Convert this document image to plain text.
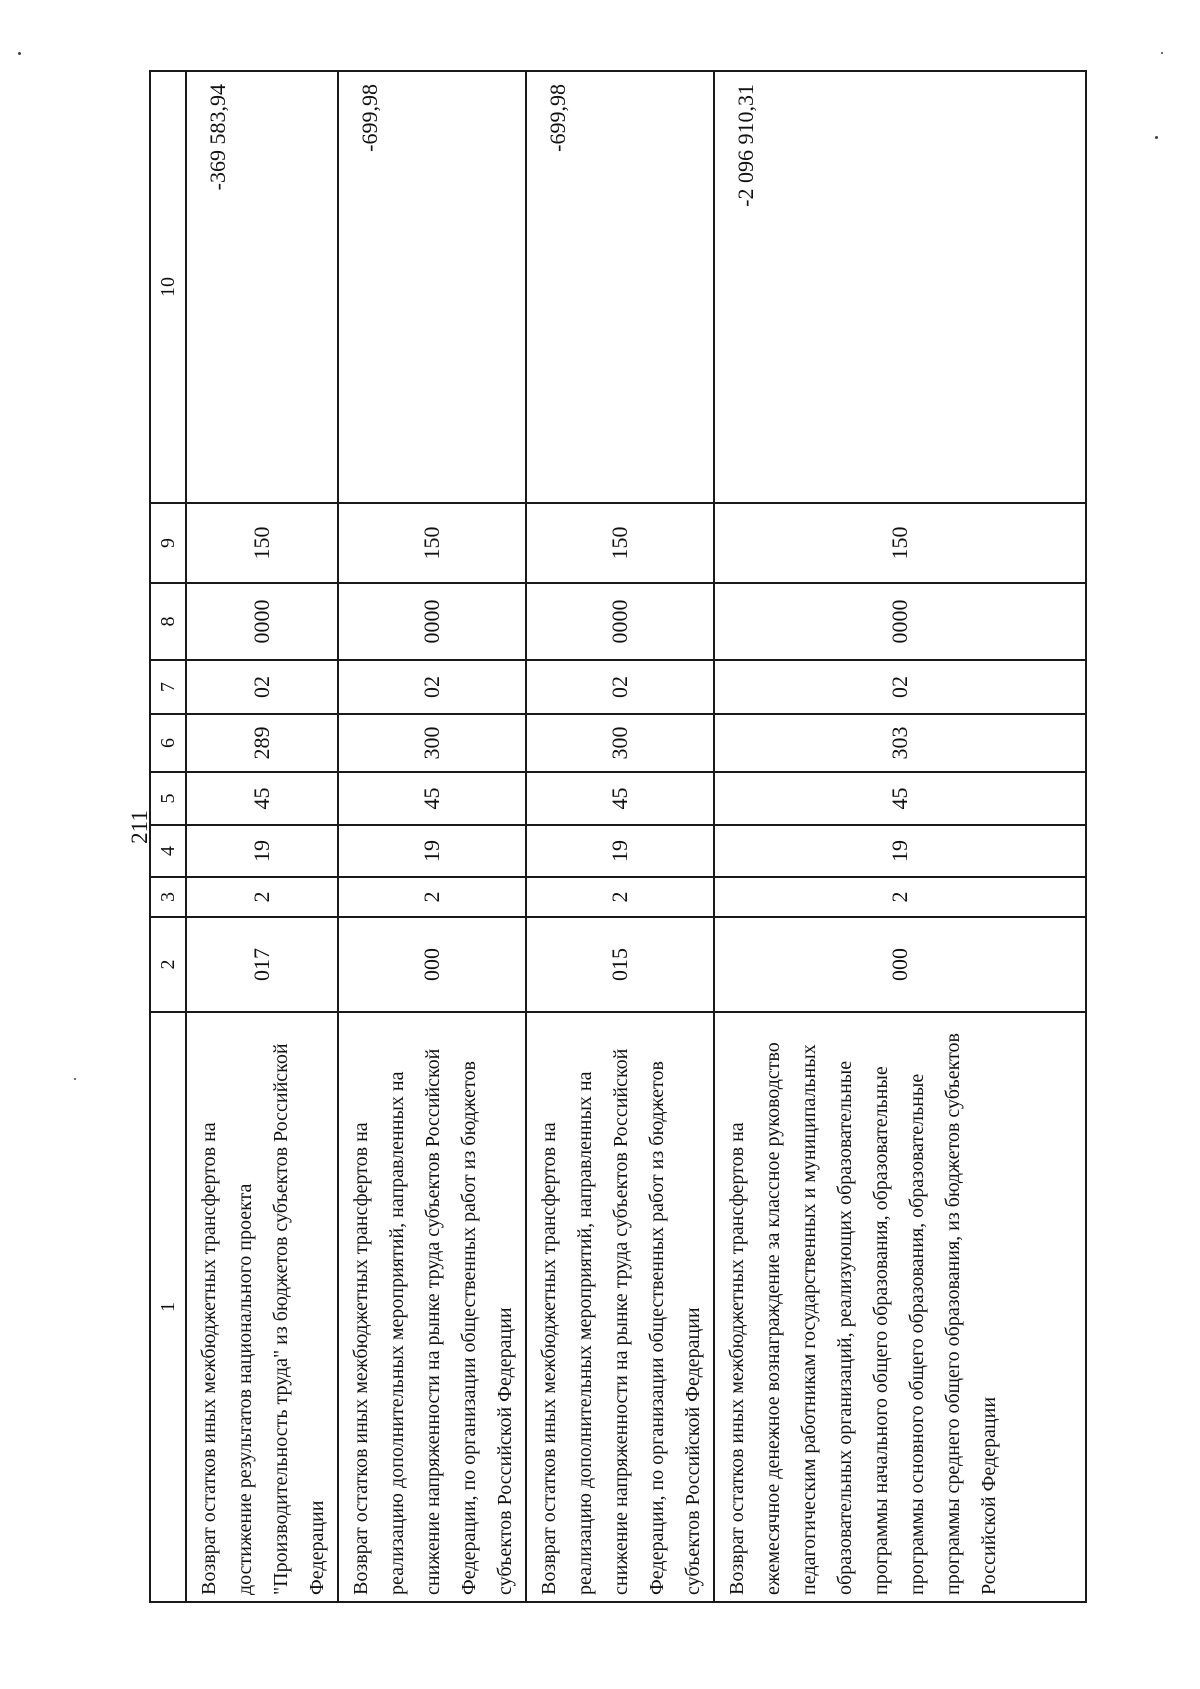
211
1	2	3	4	5	6	7	8	9	10
Возврат остатков иных межбюджетных трансфертов на достижение результатов национального проекта "Производительность труда" из бюджетов субъектов Российской Федерации	017	2	19	45	289	02	0000	150	-369 583,94
Возврат остатков иных межбюджетных трансфертов на реализацию дополнительных мероприятий, направленных на снижение напряженности на рынке труда субъектов Российской Федерации, по организации общественных работ из бюджетов субъектов Российской Федерации	000	2	19	45	300	02	0000	150	-699,98
Возврат остатков иных межбюджетных трансфертов на реализацию дополнительных мероприятий, направленных на снижение напряженности на рынке труда субъектов Российской Федерации, по организации общественных работ из бюджетов субъектов Российской Федерации	015	2	19	45	300	02	0000	150	-699,98
Возврат остатков иных межбюджетных трансфертов на ежемесячное денежное вознаграждение за классное руководство педагогическим работникам государственных и муниципальных образовательных организаций, реализующих образовательные программы начального общего образования, образовательные программы основного общего образования, образовательные программы среднего общего образования, из бюджетов субъектов Российской Федерации	000	2	19	45	303	02	0000	150	-2 096 910,31
